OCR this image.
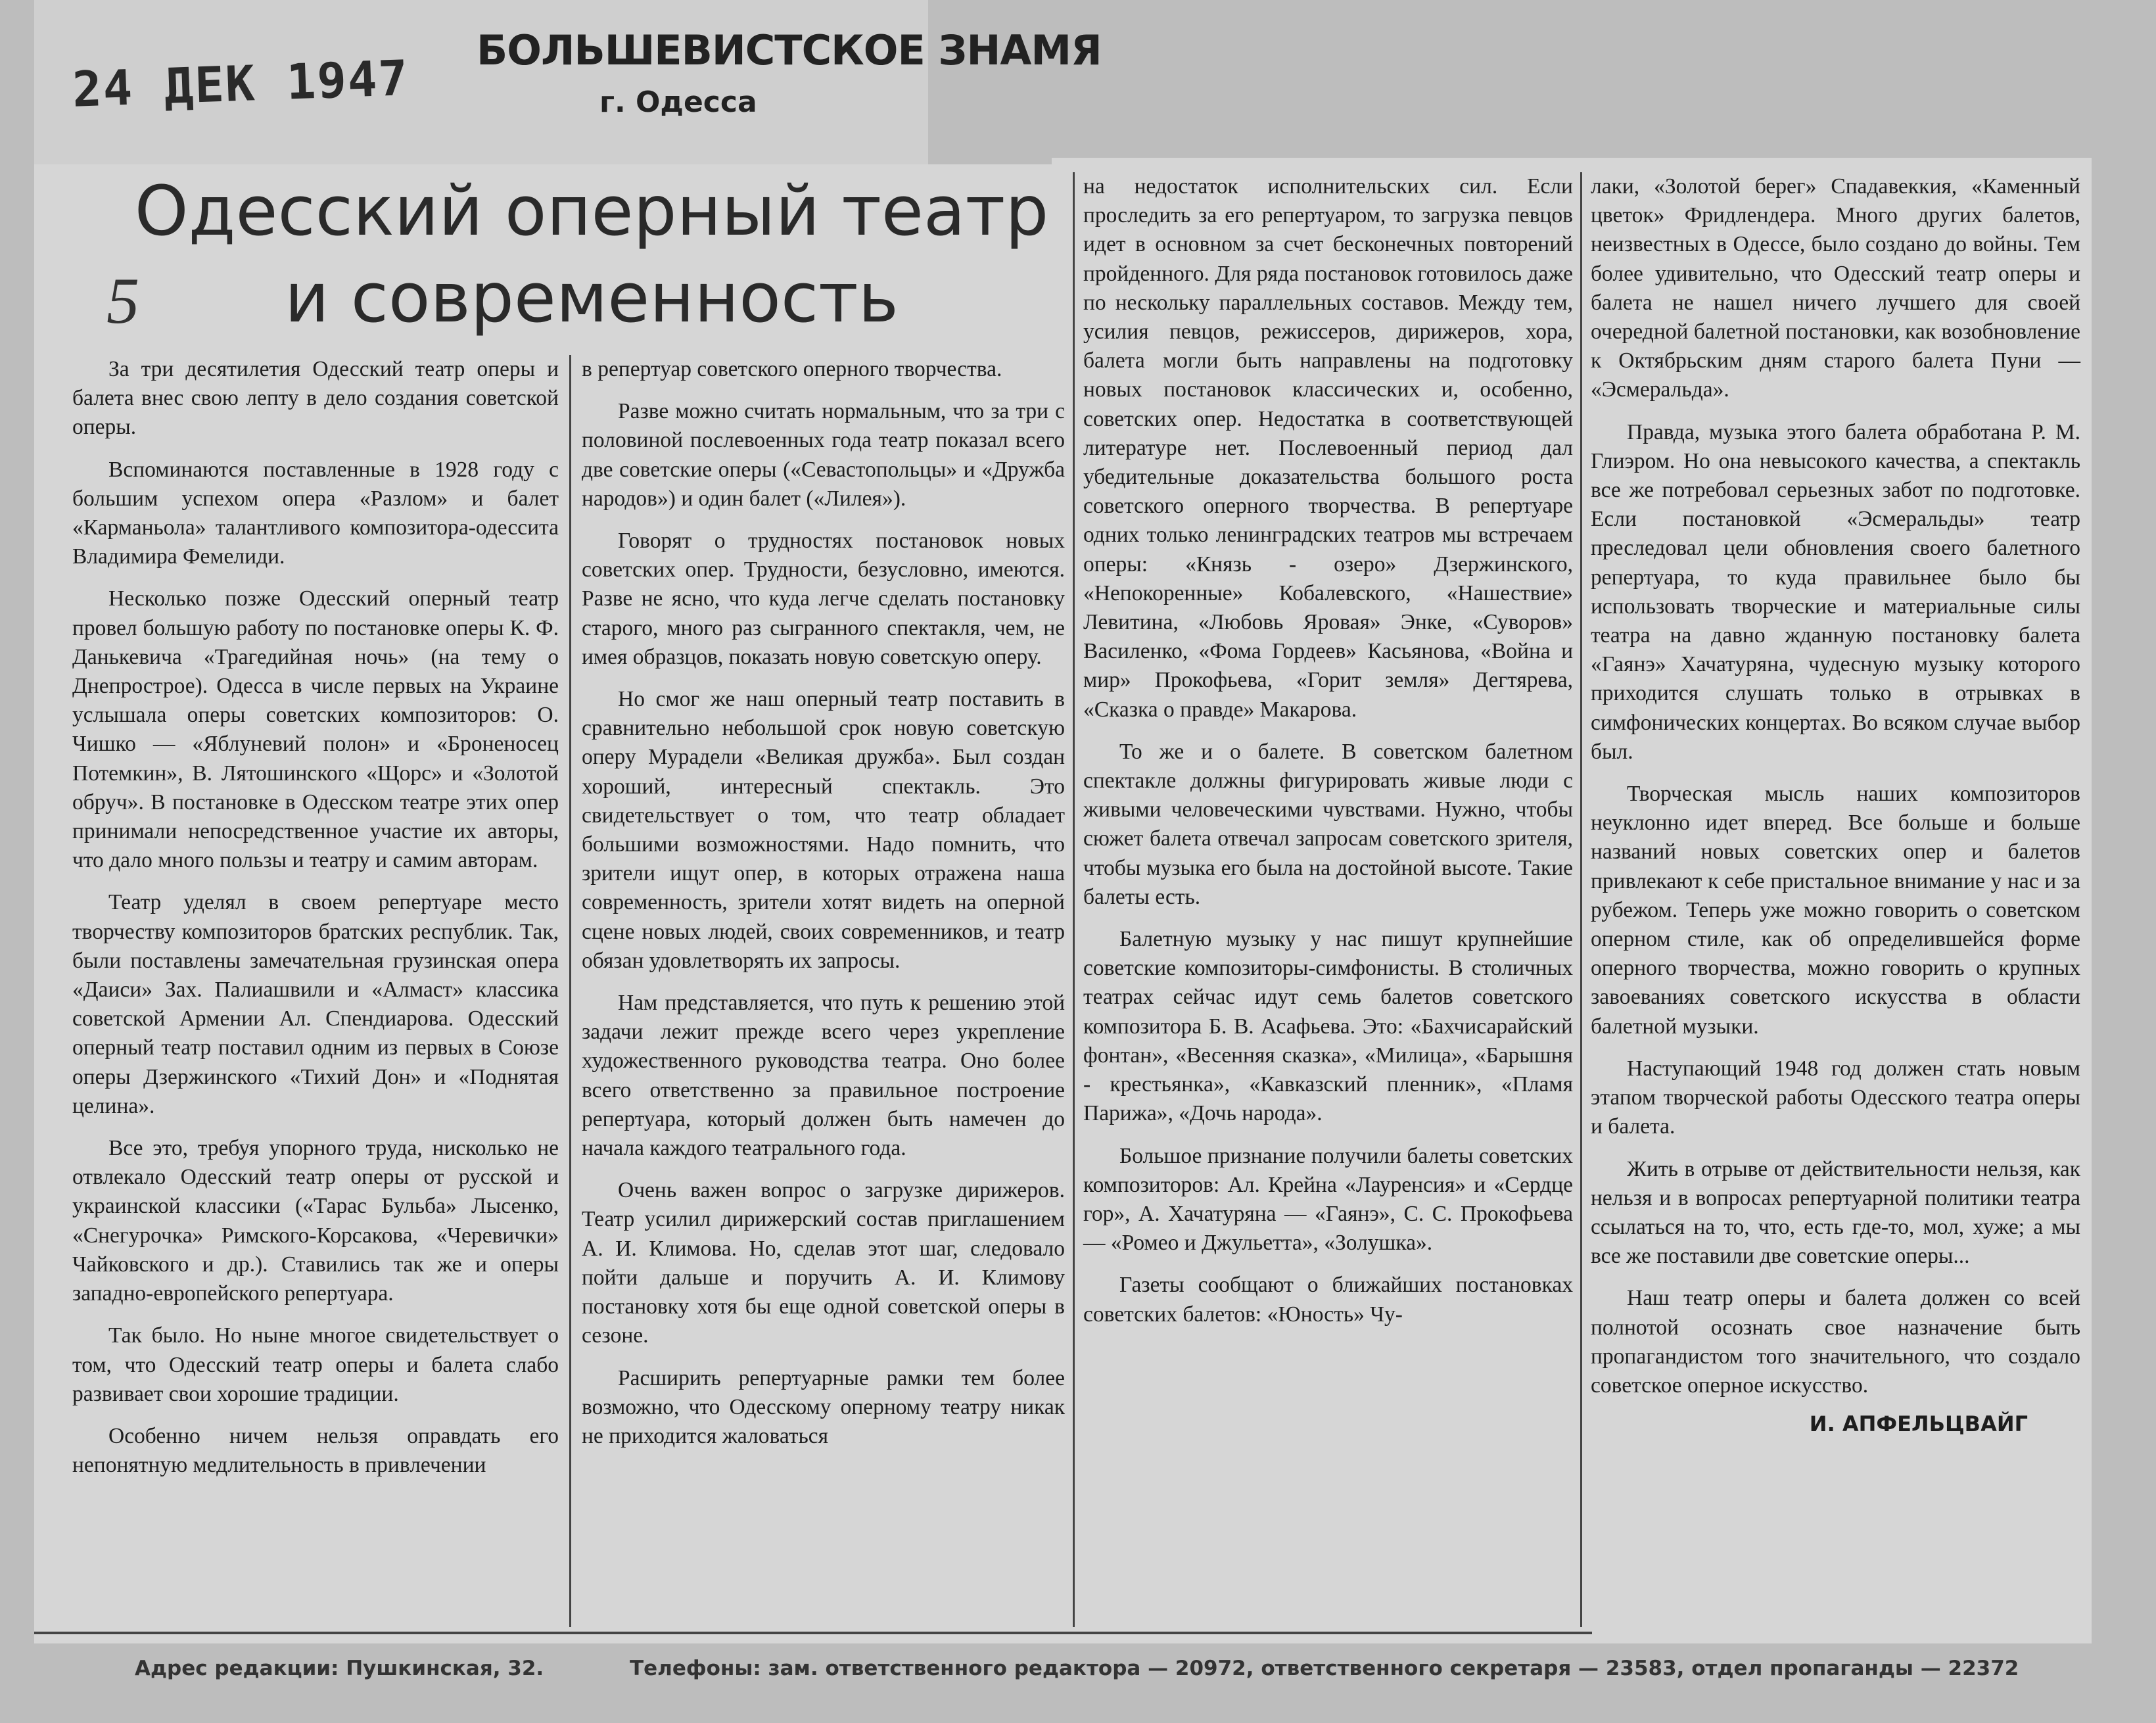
24 ДЕК 1947 БОЛЬШЕВИСТСКОЕ ЗНАМЯ
г. Одесса
Одесский оперный театр
и современность
5

За три десятилетия Одесский театр оперы и балета внес свою лепту в дело создания советской оперы.

Вспоминаются поставленные в 1928 году с большим успехом опера «Разлом» и балет «Карманьола» талантливого композитора-одессита Владимира Фемелиди.

Несколько позже Одесский оперный театр провел большую работу по постановке оперы К. Ф. Данькевича «Трагедийная ночь» (на тему о Днепрострое). Одесса в числе первых на Украине услышала оперы советских композиторов: О. Чишко — «Яблуневий полон» и «Броненосец Потемкин», В. Лятошинского «Щорс» и «Золотой обруч». В постановке в Одесском театре этих опер принимали непосредственное участие их авторы, что дало много пользы и театру и самим авторам.

Театр уделял в своем репертуаре место творчеству композиторов братских республик. Так, были поставлены замечательная грузинская опера «Даиси» Зах. Палиашвили и «Алмаст» классика советской Армении Ал. Спендиарова. Одесский оперный театр поставил одним из первых в Союзе оперы Дзержинского «Тихий Дон» и «Поднятая целина».

Все это, требуя упорного труда, нисколько не отвлекало Одесский театр оперы от русской и украинской классики («Тарас Бульба» Лысенко, «Снегурочка» Римского-Корсакова, «Черевички» Чайковского и др.). Ставились так же и оперы западно-европейского репертуара.

Так было. Но ныне многое свидетельствует о том, что Одесский театр оперы и балета слабо развивает свои хорошие традиции.

Особенно ничем нельзя оправдать его непонятную медлительность в привлечении

в репертуар советского оперного творчества.

Разве можно считать нормальным, что за три с половиной послевоенных года театр показал всего две советские оперы («Севастопольцы» и «Дружба народов») и один балет («Лилея»).

Говорят о трудностях постановок новых советских опер. Трудности, безусловно, имеются. Разве не ясно, что куда легче сделать постановку старого, много раз сыгранного спектакля, чем, не имея образцов, показать новую советскую оперу.

Но смог же наш оперный театр поставить в сравнительно небольшой срок новую советскую оперу Мурадели «Великая дружба». Был создан хороший, интересный спектакль. Это свидетельствует о том, что театр обладает большими возможностями. Надо помнить, что зрители ищут опер, в которых отражена наша современность, зрители хотят видеть на оперной сцене новых людей, своих современников, и театр обязан удовлетворять их запросы.

Нам представляется, что путь к решению этой задачи лежит прежде всего через укрепление художественного руководства театра. Оно более всего ответственно за правильное построение репертуара, который должен быть намечен до начала каждого театрального года.

Очень важен вопрос о загрузке дирижеров. Театр усилил дирижерский состав приглашением А. И. Климова. Но, сделав этот шаг, следовало пойти дальше и поручить А. И. Климову постановку хотя бы еще одной советской оперы в сезоне.

Расширить репертуарные рамки тем более возможно, что Одесскому оперному театру никак не приходится жаловаться

на недостаток исполнительских сил. Если проследить за его репертуаром, то загрузка певцов идет в основном за счет бесконечных повторений пройденного. Для ряда постановок готовилось даже по нескольку параллельных составов. Между тем, усилия певцов, режиссеров, дирижеров, хора, балета могли быть направлены на подготовку новых постановок классических и, особенно, советских опер. Недостатка в соответствующей литературе нет. Послевоенный период дал убедительные доказательства большого роста советского оперного творчества. В репертуаре одних только ленинградских театров мы встречаем оперы: «Князь - озеро» Дзержинского, «Непокоренные» Кобалевского, «Нашествие» Левитина, «Любовь Яровая» Энке, «Суворов» Василенко, «Фома Гордеев» Касьянова, «Война и мир» Прокофьева, «Горит земля» Дегтярева, «Сказка о правде» Макарова.

То же и о балете. В советском балетном спектакле должны фигурировать живые люди с живыми человеческими чувствами. Нужно, чтобы сюжет балета отвечал запросам советского зрителя, чтобы музыка его была на достойной высоте. Такие балеты есть.

Балетную музыку у нас пишут крупнейшие советские композиторы-симфонисты. В столичных театрах сейчас идут семь балетов советского композитора Б. В. Асафьева. Это: «Бахчисарайский фонтан», «Весенняя сказка», «Милица», «Барышня - крестьянка», «Кавказский пленник», «Пламя Парижа», «Дочь народа».

Большое признание получили балеты советских композиторов: Ал. Крейна «Лауренсия» и «Сердце гор», А. Хачатуряна — «Гаянэ», С. С. Прокофьева — «Ромео и Джульетта», «Золушка».

Газеты сообщают о ближайших постановках советских балетов: «Юность» Чу-

лаки, «Золотой берег» Спадавеккия, «Каменный цветок» Фридлендера. Много других балетов, неизвестных в Одессе, было создано до войны. Тем более удивительно, что Одесский театр оперы и балета не нашел ничего лучшего для своей очередной балетной постановки, как возобновление к Октябрьским дням старого балета Пуни — «Эсмеральда».

Правда, музыка этого балета обработана Р. М. Глиэром. Но она невысокого качества, а спектакль все же потребовал серьезных забот по подготовке. Если постановкой «Эсмеральды» театр преследовал цели обновления своего балетного репертуара, то куда правильнее было бы использовать творческие и материальные силы театра на давно жданную постановку балета «Гаянэ» Хачатуряна, чудесную музыку которого приходится слушать только в отрывках в симфонических концертах. Во всяком случае выбор был.

Творческая мысль наших композиторов неуклонно идет вперед. Все больше и больше названий новых советских опер и балетов привлекают к себе пристальное внимание у нас и за рубежом. Теперь уже можно говорить о советском оперном стиле, как об определившейся форме оперного творчества, можно говорить о крупных завоеваниях советского искусства в области балетной музыки.

Наступающий 1948 год должен стать новым этапом творческой работы Одесского театра оперы и балета.

Жить в отрыве от действительности нельзя, как нельзя и в вопросах репертуарной политики театра ссылаться на то, что, есть где-то, мол, хуже; а мы все же поставили две советские оперы...

Наш театр оперы и балета должен со всей полнотой осознать свое назначение быть пропагандистом того значительного, что создало советское оперное искусство.

И. АПФЕЛЬЦВАЙГ

Адрес редакции: Пушкинская, 32.	Телефоны: зам. ответственного редактора — 20972, ответственного секретаря — 23583, отдел пропаганды — 22372
